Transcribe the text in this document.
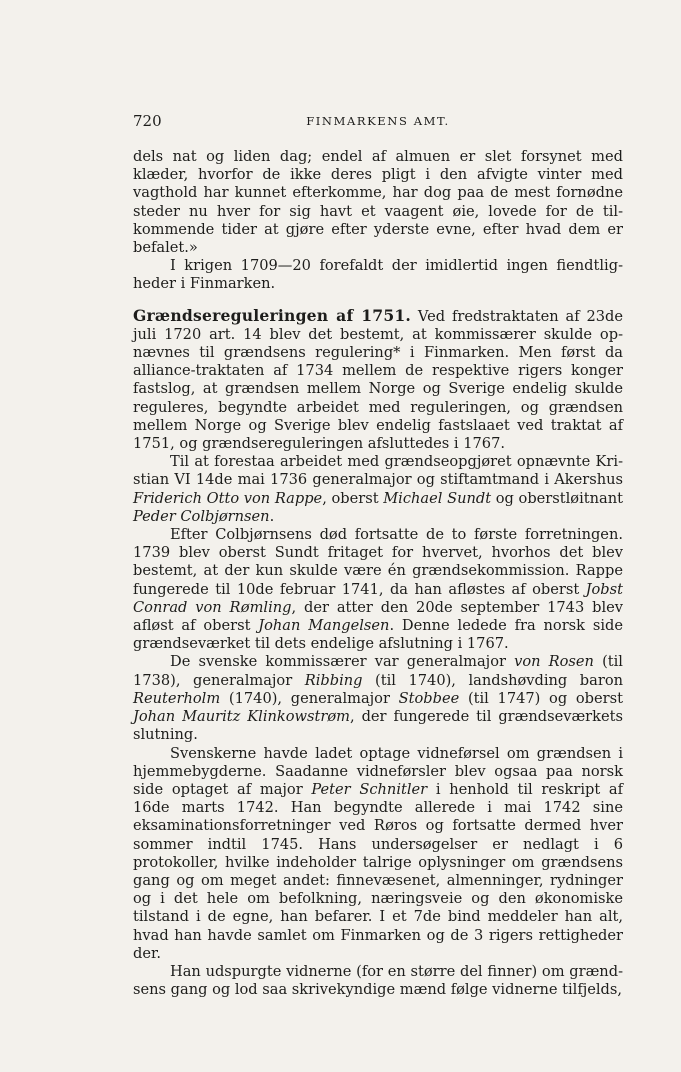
720	FINMARKENS AMT.

dels nat og liden dag; endel af almuen er slet forsynet med klæder, hvorfor de ikke deres pligt i den afvigte vinter med vagthold har kunnet efterkomme, har dog paa de mest fornødne steder nu hver for sig havt et vaagent øie, lovede for de tilkommende tider at gjøre efter yderste evne, efter hvad dem er befalet.»

I krigen 1709—20 forefaldt der imidlertid ingen fiendtligheder i Finmarken.

Grændsereguleringen af 1751. Ved fredstraktaten af 23de juli 1720 art. 14 blev det bestemt, at kommissærer skulde opnævnes til grændsens regulering* i Finmarken. Men først da alliance-traktaten af 1734 mellem de respektive rigers konger fastslog, at grændsen mellem Norge og Sverige endelig skulde reguleres, begyndte arbeidet med reguleringen, og grændsen mellem Norge og Sverige blev endelig fastslaaet ved traktat af 1751, og grændsereguleringen afsluttedes i 1767.

Til at forestaa arbeidet med grændseopgjøret opnævnte Kristian VI 14de mai 1736 generalmajor og stiftamtmand i Akershus Friderich Otto von Rappe, oberst Michael Sundt og oberstløitnant Peder Colbjørnsen.

Efter Colbjørnsens død fortsatte de to første forretningen. 1739 blev oberst Sundt fritaget for hvervet, hvorhos det blev bestemt, at der kun skulde være én grændsekommission. Rappe fungerede til 10de februar 1741, da han afløstes af oberst Jobst Conrad von Rømling, der atter den 20de september 1743 blev afløst af oberst Johan Mangelsen. Denne ledede fra norsk side grændseværket til dets endelige afslutning i 1767.

De svenske kommissærer var generalmajor von Rosen (til 1738), generalmajor Ribbing (til 1740), landshøvding baron Reuterholm (1740), generalmajor Stobbee (til 1747) og oberst Johan Mauritz Klinkowstrøm, der fungerede til grændseværkets slutning.

Svenskerne havde ladet optage vidneførsel om grændsen i hjemmebygderne. Saadanne vidneførsler blev ogsaa paa norsk side optaget af major Peter Schnitler i henhold til reskript af 16de marts 1742. Han begyndte allerede i mai 1742 sine eksaminationsforretninger ved Røros og fortsatte dermed hver sommer indtil 1745. Hans undersøgelser er nedlagt i 6 protokoller, hvilke indeholder talrige oplysninger om grændsens gang og om meget andet: finnevæsenet, almenninger, rydninger og i det hele om befolkning, næringsveie og den økonomiske tilstand i de egne, han befarer. I et 7de bind meddeler han alt, hvad han havde samlet om Finmarken og de 3 rigers rettigheder der.

Han udspurgte vidnerne (for en større del finner) om grændsens gang og lod saa skrivekyndige mænd følge vidnerne tilfjelds,
